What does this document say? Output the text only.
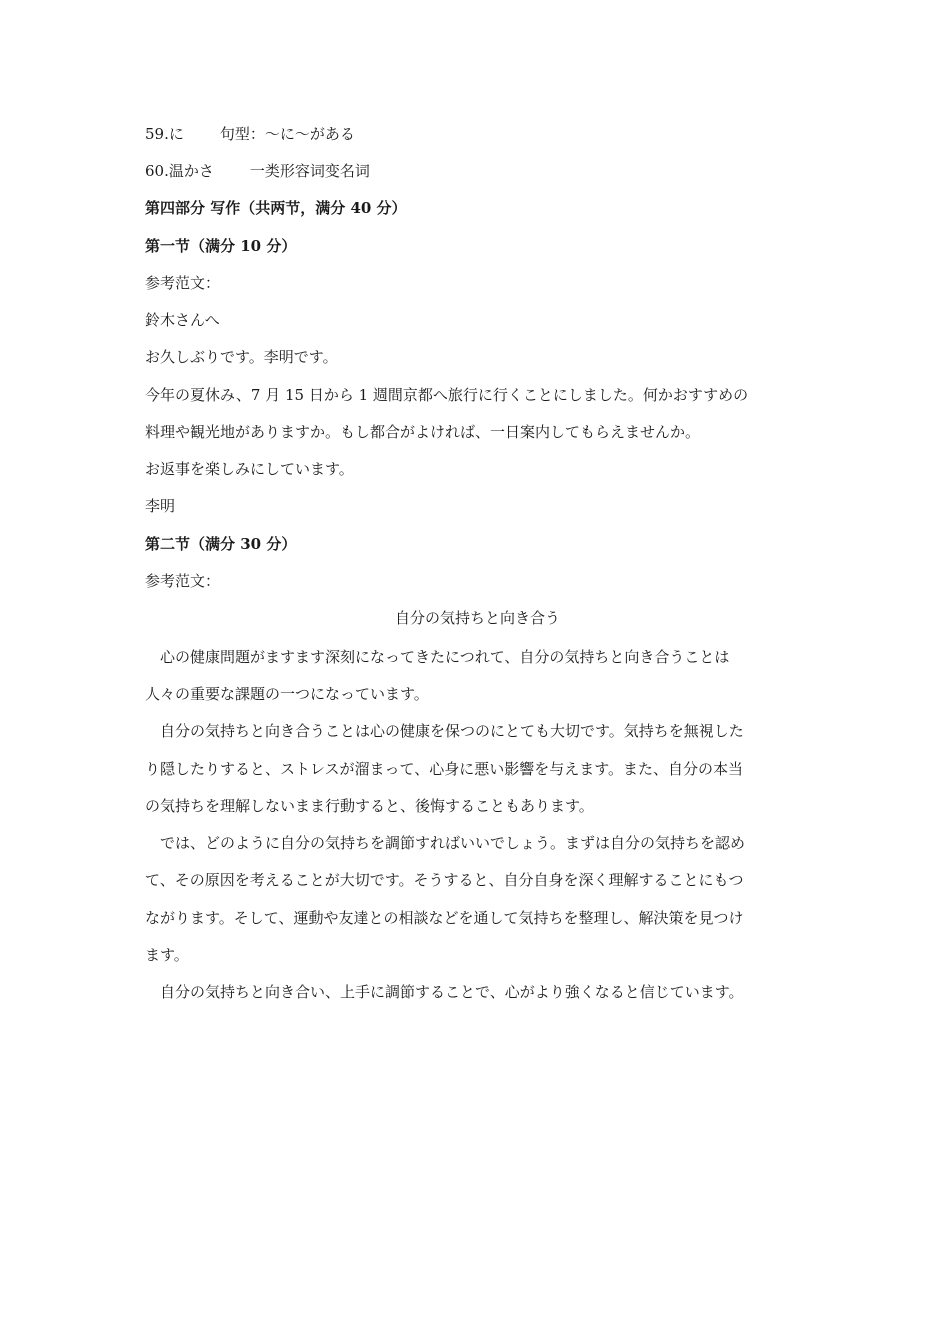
59.に 句型：～に～がある
60.温かさ 一类形容词变名词
第四部分 写作（共两节，满分 40 分）
第一节（满分 10 分）
参考范文：
鈴木さんへ
お久しぶりです。李明です。
今年の夏休み、7 月 15 日から 1 週間京都へ旅行に行くことにしました。何かおすすめの
料理や観光地がありますか。もし都合がよければ、一日案内してもらえませんか。
お返事を楽しみにしています。
李明
第二节（满分 30 分）
参考范文：
自分の気持ちと向き合う
　心の健康問題がますます深刻になってきたにつれて、自分の気持ちと向き合うことは
人々の重要な課題の一つになっています。
　自分の気持ちと向き合うことは心の健康を保つのにとても大切です。気持ちを無視した
り隠したりすると、ストレスが溜まって、心身に悪い影響を与えます。また、自分の本当
の気持ちを理解しないまま行動すると、後悔することもあります。
　では、どのように自分の気持ちを調節すればいいでしょう。まずは自分の気持ちを認め
て、その原因を考えることが大切です。そうすると、自分自身を深く理解することにもつ
ながります。そして、運動や友達との相談などを通して気持ちを整理し、解決策を見つけ
ます。
　自分の気持ちと向き合い、上手に調節することで、心がより強くなると信じています。
